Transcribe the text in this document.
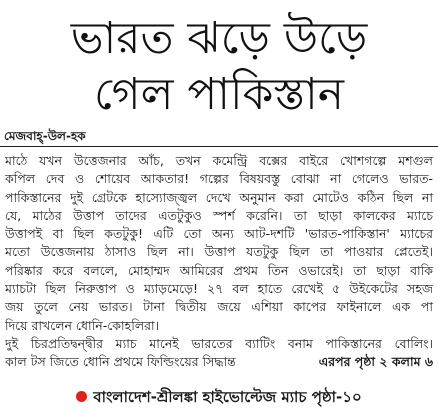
ভারত ঝড়ে উড়ে
গেল পাকিস্তান
মেজবাহ্-উল-হক
মাঠে যখন উত্তেজনার আঁচ, তখন কমেন্ট্রি বক্সের বাইরে খোশগল্পে মশগুল
কপিল দেব ও শোয়েব আকতার! গল্পের বিষয়বস্তু বোঝা না গেলেও ভারত-
পাকিস্তানের দুই গ্রেটকে হাস্যোজ্জ্বল দেখে অনুমান করা মোটেও কঠিন ছিল না
যে, মাঠের উত্তাপ তাদের এতটুকুও স্পর্শ করেনি। তা ছাড়া কালকের ম্যাচে
উত্তাপই বা ছিল কতটুকু! এটি তো অন্য আট-দশটি 'ভারত-পাকিস্তান' ম্যাচের
মতো উত্তেজনায় ঠাসাও ছিল না। উত্তাপ যতটুকু ছিল তা পাওয়ার প্লেতেই।
পরিষ্কার করে বললে, মোহাম্মদ আমিরের প্রথম তিন ওভারেই। তা ছাড়া বাকি
ম্যাচটা ছিল নিরুত্তাপ ও ম্যাড়মেড়ে! ২৭ বল হাতে রেখেই ৫ উইকেটের সহজ
জয় তুলে নেয় ভারত। টানা দ্বিতীয় জয়ে এশিয়া কাপের ফাইনালে এক পা
দিয়ে রাখলেন ধোনি-কোহলিরা।
দুই চিরপ্রতিদ্বন্দ্বীর ম্যাচ মানেই ভারতের ব্যাটিং বনাম পাকিস্তানের বোলিং।
কাল টস জিতে ধোনি প্রথমে ফিল্ডিংয়ের সিদ্ধান্ত	এরপর পৃষ্ঠা ২ কলাম ৬
বাংলাদেশ-শ্রীলঙ্কা হাইভোল্টেজ ম্যাচ পৃষ্ঠা-১০
